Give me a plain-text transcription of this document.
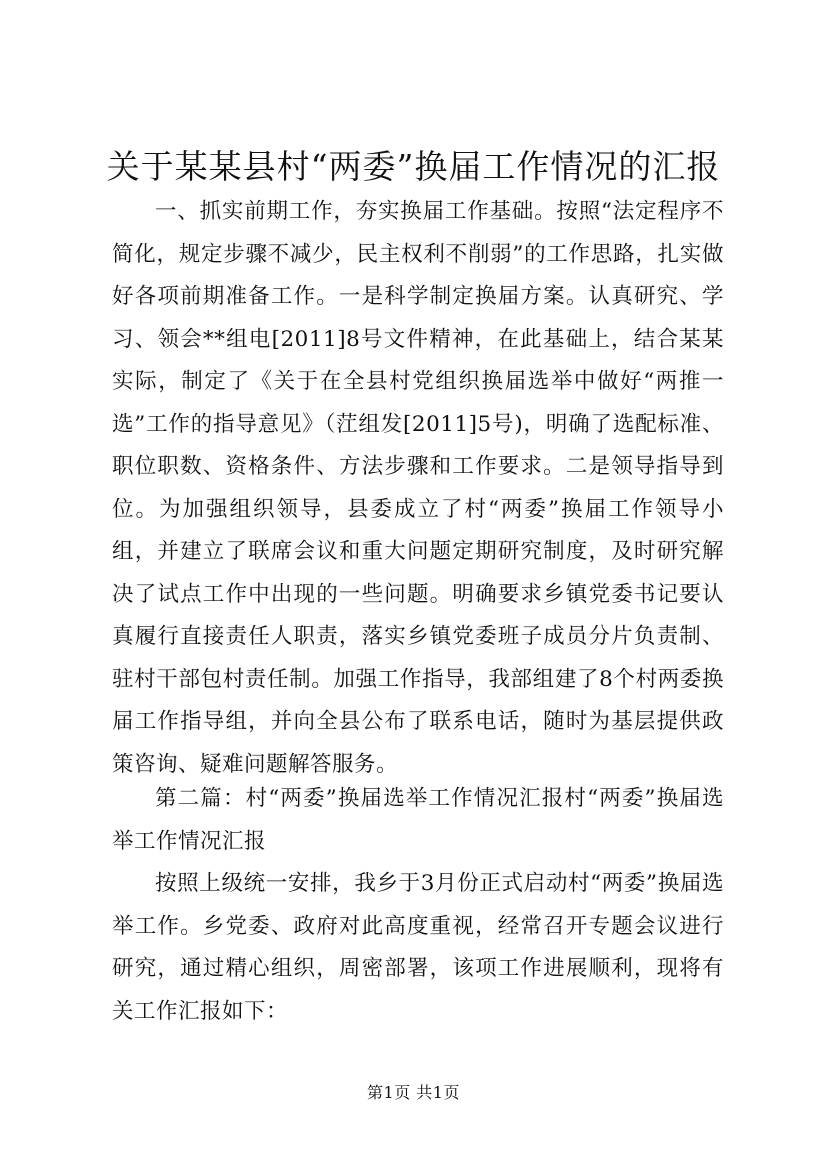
关于某某县村“两委”换届工作情况的汇报

一、抓实前期工作，夯实换届工作基础。按照“法定程序不简化，规定步骤不减少，民主权利不削弱”的工作思路，扎实做好各项前期准备工作。一是科学制定换届方案。认真研究、学习、领会**组电[2011]8号文件精神，在此基础上，结合某某实际，制定了《关于在全县村党组织换届选举中做好“两推一选”工作的指导意见》（茳组发[2011]5号)，明确了选配标准、职位职数、资格条件、方法步骤和工作要求。二是领导指导到位。为加强组织领导，县委成立了村“两委”换届工作领导小组，并建立了联席会议和重大问题定期研究制度，及时研究解决了试点工作中出现的一些问题。明确要求乡镇党委书记要认真履行直接责任人职责，落实乡镇党委班子成员分片负责制、驻村干部包村责任制。加强工作指导，我部组建了8个村两委换届工作指导组，并向全县公布了联系电话，随时为基层提供政策咨询、疑难问题解答服务。

第二篇：村“两委”换届选举工作情况汇报村“两委”换届选举工作情况汇报

按照上级统一安排，我乡于3月份正式启动村“两委”换届选举工作。乡党委、政府对此高度重视，经常召开专题会议进行研究，通过精心组织，周密部署，该项工作进展顺利，现将有关工作汇报如下：

第1页 共1页
